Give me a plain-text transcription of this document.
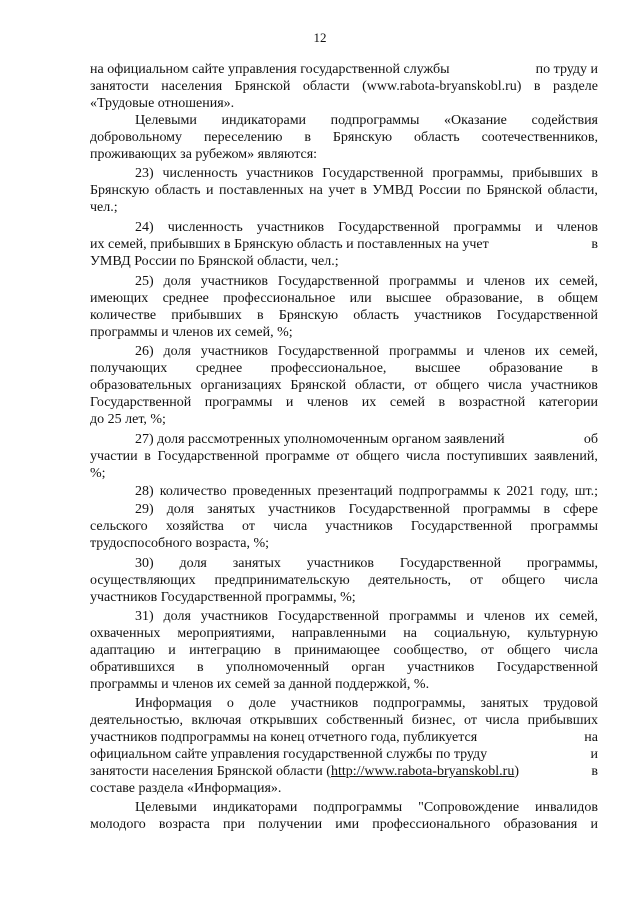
12
на официальном сайте управления государственной службы	по труду и
занятости населения Брянской области (www.rabota-bryanskobl.ru) в разделе
«Трудовые отношения».
Целевыми индикаторами подпрограммы «Оказание содействия
добровольному переселению в Брянскую область соотечественников,
проживающих за рубежом» являются:
23) численность участников Государственной программы, прибывших в
Брянскую область и поставленных на учет в УМВД России по Брянской области,
чел.;
24) численность участников Государственной программы и членов
их семей, прибывших в Брянскую область и поставленных на учет	в
УМВД России по Брянской области, чел.;
25) доля участников Государственной программы и членов их семей,
имеющих среднее профессиональное или высшее образование, в общем
количестве прибывших в Брянскую область участников Государственной
программы и членов их семей, %;
26) доля участников Государственной программы и членов их семей,
получающих среднее профессиональное, высшее образование в
образовательных организациях Брянской области, от общего числа участников
Государственной программы и членов их семей в возрастной категории
до 25 лет, %;
27) доля рассмотренных уполномоченным органом заявлений	об
участии в Государственной программе от общего числа поступивших заявлений,
%;
28) количество проведенных презентаций подпрограммы к 2021 году, шт.;
29) доля занятых участников Государственной программы в сфере
сельского хозяйства от числа участников Государственной программы
трудоспособного возраста, %;
30) доля занятых участников Государственной программы,
осуществляющих предпринимательскую деятельность, от общего числа
участников Государственной программы, %;
31) доля участников Государственной программы и членов их семей,
охваченных мероприятиями, направленными на социальную, культурную
адаптацию и интеграцию в принимающее сообщество, от общего числа
обратившихся в уполномоченный орган участников Государственной
программы и членов их семей за данной поддержкой, %.
Информация о доле участников подпрограммы, занятых трудовой
деятельностью, включая открывших собственный бизнес, от числа прибывших
участников подпрограммы на конец отчетного года, публикуется	на
официальном сайте управления государственной службы по труду	и
занятости населения Брянской области (http://www.rabota-bryanskobl.ru)	в
составе раздела «Информация».
Целевыми индикаторами подпрограммы "Сопровождение инвалидов
молодого возраста при получении ими профессионального образования и
